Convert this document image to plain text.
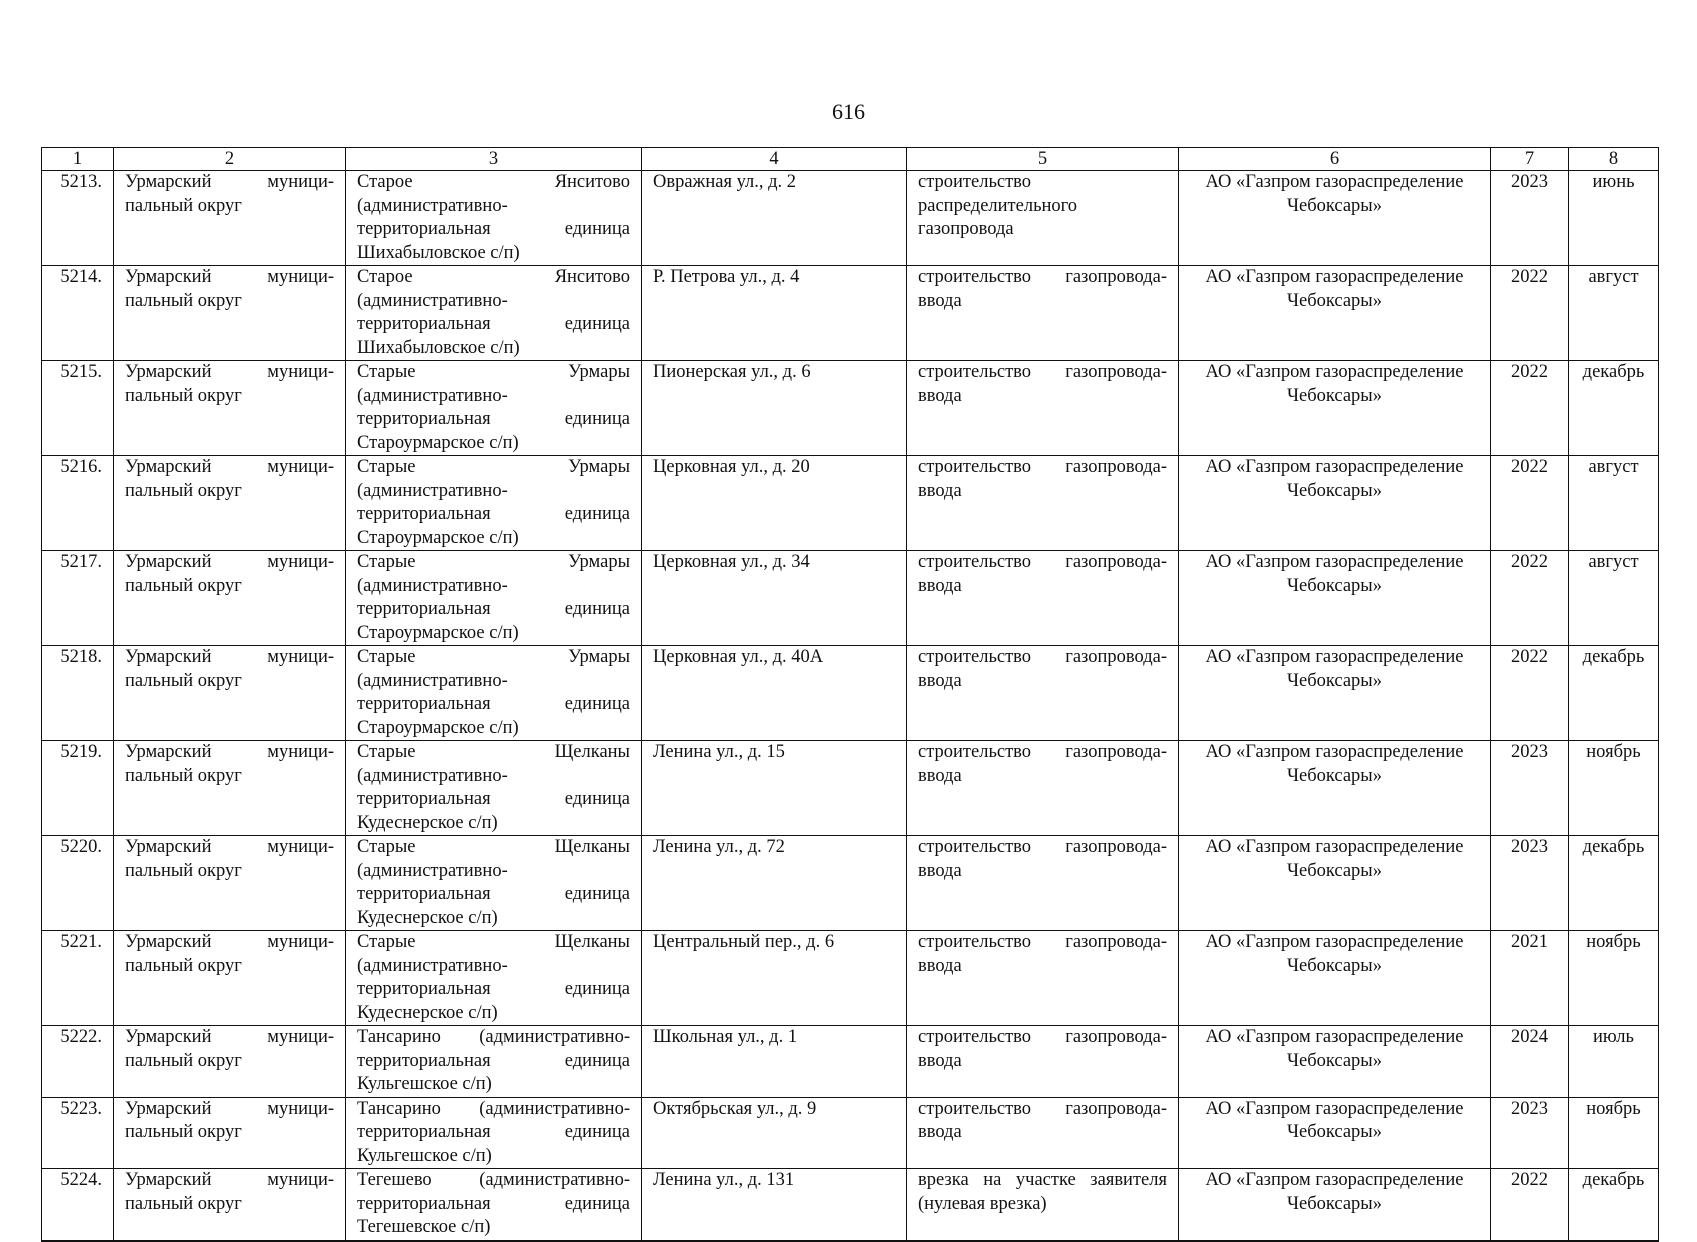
616
1	2	3	4	5	6	7	8
5213.	Урмарский муници-пальный округ	Старое Янситово (административно-территориальная единица Шихабыловское с/п)	Овражная ул., д. 2	строительство распределительного газопровода	АО «Газпром газораспределение Чебоксары»	2023	июнь
5214.	Урмарский муници-пальный округ	Старое Янситово (административно-территориальная единица Шихабыловское с/п)	Р. Петрова ул., д. 4	строительство газопровода-ввода	АО «Газпром газораспределение Чебоксары»	2022	август
5215.	Урмарский муници-пальный округ	Старые Урмары (административно-территориальная единица Староурмарское с/п)	Пионерская ул., д. 6	строительство газопровода-ввода	АО «Газпром газораспределение Чебоксары»	2022	декабрь
5216.	Урмарский муници-пальный округ	Старые Урмары (административно-территориальная единица Староурмарское с/п)	Церковная ул., д. 20	строительство газопровода-ввода	АО «Газпром газораспределение Чебоксары»	2022	август
5217.	Урмарский муници-пальный округ	Старые Урмары (административно-территориальная единица Староурмарское с/п)	Церковная ул., д. 34	строительство газопровода-ввода	АО «Газпром газораспределение Чебоксары»	2022	август
5218.	Урмарский муници-пальный округ	Старые Урмары (административно-территориальная единица Староурмарское с/п)	Церковная ул., д. 40А	строительство газопровода-ввода	АО «Газпром газораспределение Чебоксары»	2022	декабрь
5219.	Урмарский муници-пальный округ	Старые Щелканы (административно-территориальная единица Кудеснерское с/п)	Ленина ул., д. 15	строительство газопровода-ввода	АО «Газпром газораспределение Чебоксары»	2023	ноябрь
5220.	Урмарский муници-пальный округ	Старые Щелканы (административно-территориальная единица Кудеснерское с/п)	Ленина ул., д. 72	строительство газопровода-ввода	АО «Газпром газораспределение Чебоксары»	2023	декабрь
5221.	Урмарский муници-пальный округ	Старые Щелканы (административно-территориальная единица Кудеснерское с/п)	Центральный пер., д. 6	строительство газопровода-ввода	АО «Газпром газораспределение Чебоксары»	2021	ноябрь
5222.	Урмарский муници-пальный округ	Тансарино (административно-территориальная единица Кульгешское с/п)	Школьная ул., д. 1	строительство газопровода-ввода	АО «Газпром газораспределение Чебоксары»	2024	июль
5223.	Урмарский муници-пальный округ	Тансарино (административно-территориальная единица Кульгешское с/п)	Октябрьская ул., д. 9	строительство газопровода-ввода	АО «Газпром газораспределение Чебоксары»	2023	ноябрь
5224.	Урмарский муници-пальный округ	Тегешево (административно-территориальная единица Тегешевское с/п)	Ленина ул., д. 131	врезка на участке заявителя (нулевая врезка)	АО «Газпром газораспределение Чебоксары»	2022	декабрь
